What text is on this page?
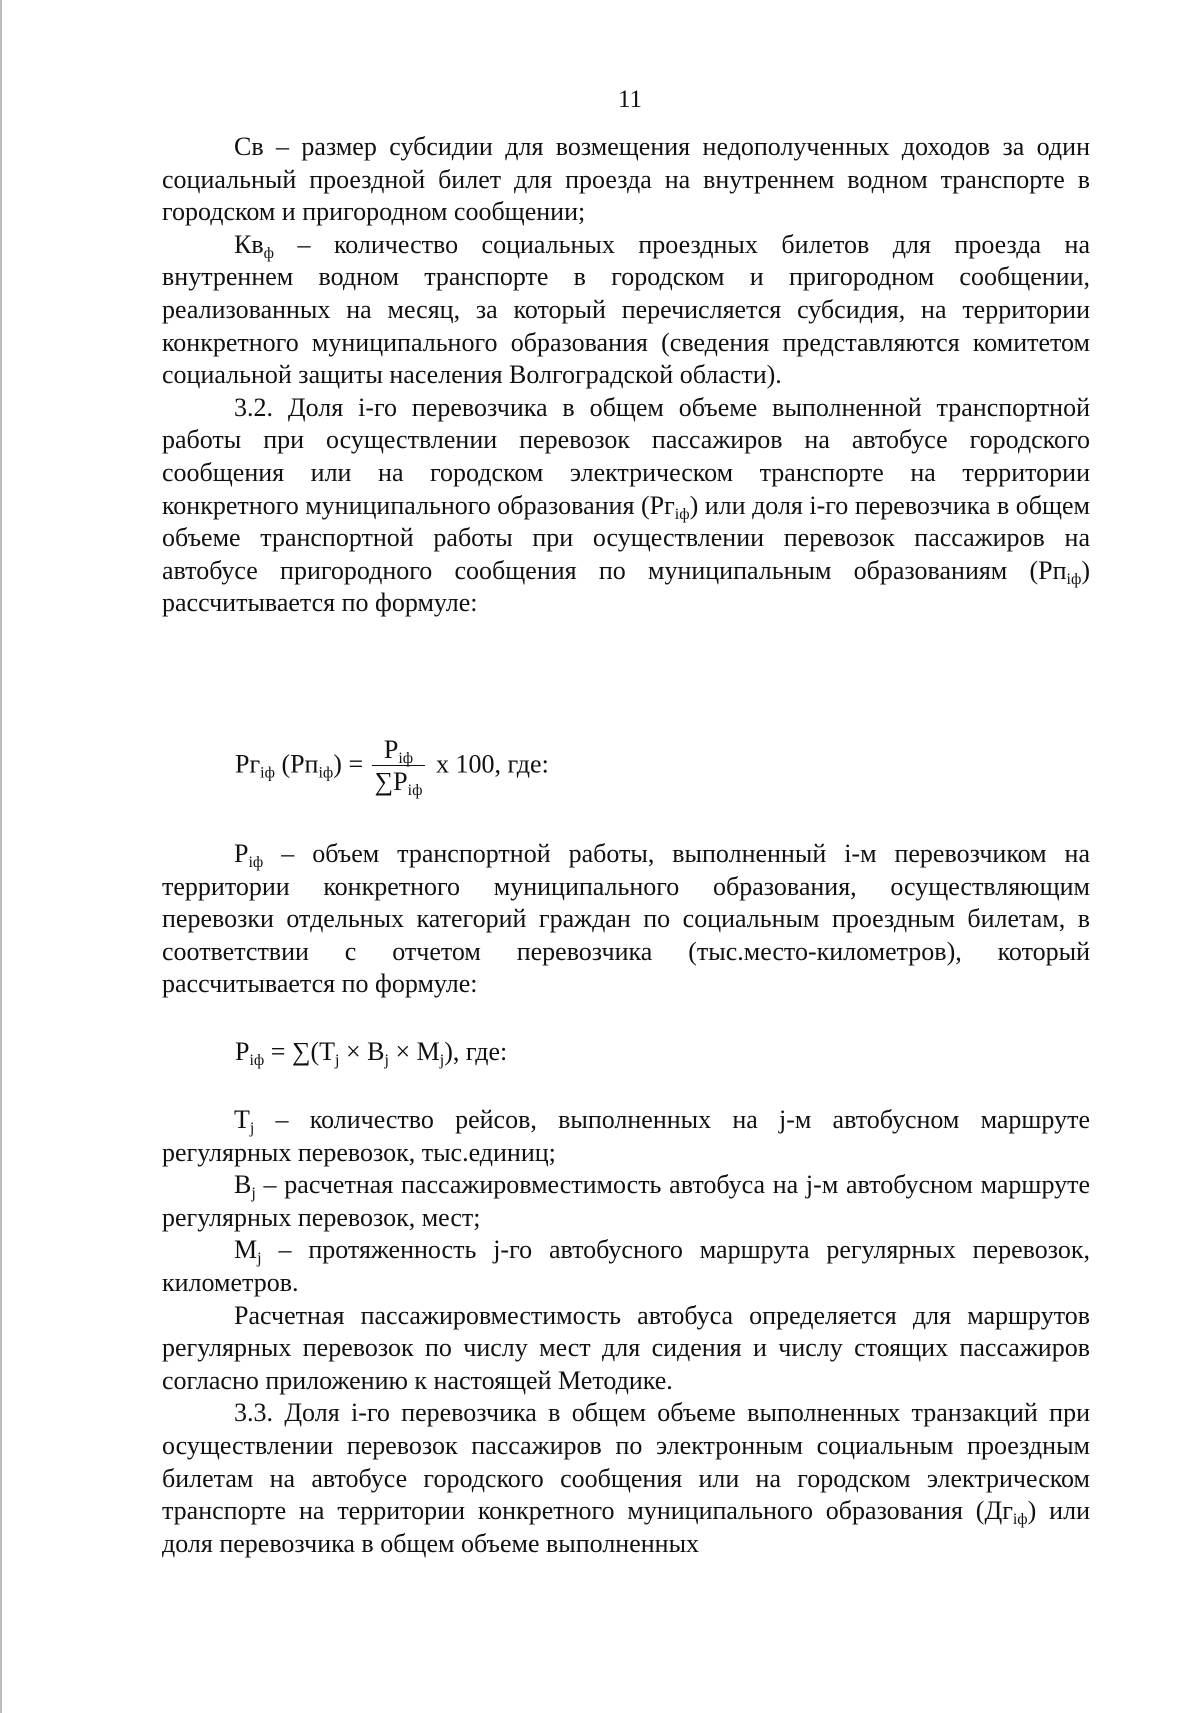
11

Св – размер субсидии для возмещения недополученных доходов за один социальный проездной билет для проезда на внутреннем водном транспорте в городском и пригородном сообщении;

$Кв_ф$ – количество социальных проездных билетов для проезда на внутреннем водном транспорте в городском и пригородном сообщении, реализованных на месяц, за который перечисляется субсидия, на территории конкретного муниципального образования (сведения представляются комитетом социальной защиты населения Волгоградской области).

3.2. Доля i-го перевозчика в общем объеме выполненной транспортной работы при осуществлении перевозок пассажиров на автобусе городского сообщения или на городском электрическом транспорте на территории конкретного муниципального образования $(Рг_{iф})$ или доля i-го перевозчика в общем объеме транспортной работы при осуществлении перевозок пассажиров на автобусе пригородного сообщения по муниципальным образованиям $(Рп_{iф})$ рассчитывается по формуле:

$Рг_{iф}$ $(Рп_{iф}) = \frac{Р_{iф}}{\sum Р_{iф}}$ х 100, где:

$Р_{iф}$ – объем транспортной работы, выполненный i-м перевозчиком на территории конкретного муниципального образования, осуществляющим перевозки отдельных категорий граждан по социальным проездным билетам, в соответствии с отчетом перевозчика (тыс.место-километров), который рассчитывается по формуле:

$Р_{iф} = \sum(Т_j \times В_j \times М_j)$, где:

$Т_j$ – количество рейсов, выполненных на j-м автобусном маршруте регулярных перевозок, тыс.единиц;

$В_j$ – расчетная пассажировместимость автобуса на j-м автобусном маршруте регулярных перевозок, мест;

$М_j$ – протяженность j-го автобусного маршрута регулярных перевозок, километров.

Расчетная пассажировместимость автобуса определяется для маршрутов регулярных перевозок по числу мест для сидения и числу стоящих пассажиров согласно приложению к настоящей Методике.

3.3. Доля i-го перевозчика в общем объеме выполненных транзакций при осуществлении перевозок пассажиров по электронным социальным проездным билетам на автобусе городского сообщения или на городском электрическом транспорте на территории конкретного муниципального образования $(Дг_{iф})$ или доля перевозчика в общем объеме выполненных
